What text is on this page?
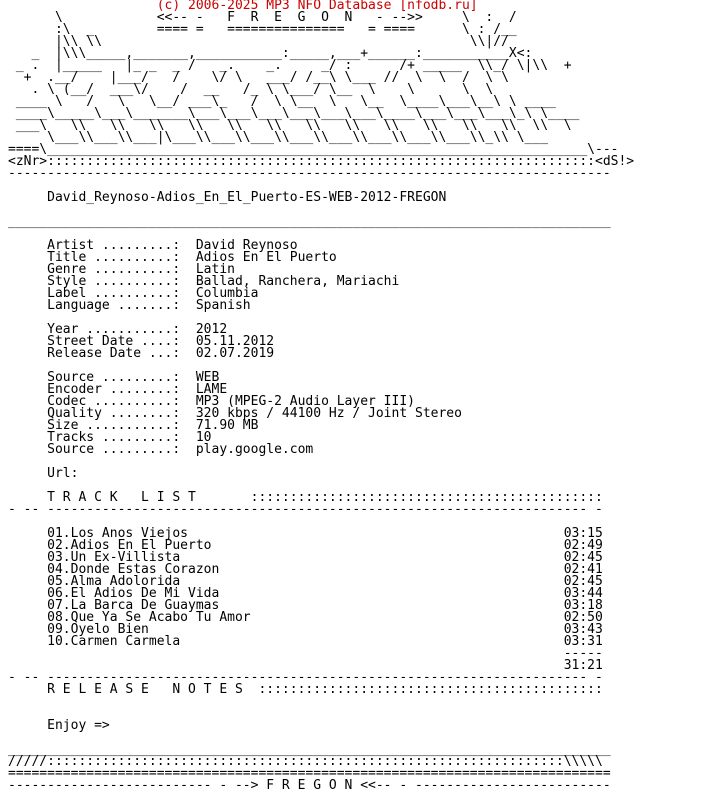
(c) 2006-2025 MP3 NFO Database [nfodb.ru]
\            <<-- -   F  R  E  G  O  N   - -->>     \  :  /
:\  _        ==== =   ===============   = ====      \ : /__
|\\ \\                                               \\|//
_  |\\\_____,_______,___________:_____,___+______:___________X<:
_ .  |_____   |_ _  _ /   _.    _.     _/ :      /+ _____  \\_/ \|\\  +
+  .__/    |___/   /    \/ \   ___/ /__\ \___ //  \  \  /  \ \
. \ (__/  ___\/    /  __   /_ \ \___/ \__  \    \      \  \
____ \   /   \   \__/ ___\_   /  \ \__  \   \__  \____\___\__\ \ ____
____\_____\___\_______\___\___\___\___\___\___\____\___\___\___\_\ \____
___\   \\   \\   \\   \\   \\   \\   \\   \\   \\   \\   \\   \\  \\  \
\___\\___\\___|\___\\___\\___\\___\\___\\___\\___\\___\\_\\ \___
====\_____________________________________________________________________\---
<zNr>::::::::::::::::::::::::::::::::::::::::::::::::::::::::::::::::::::::<dS!>
-----------------------------------------------------------------------------
David_Reynoso-Adios_En_El_Puerto-ES-WEB-2012-FREGON
_____________________________________________________________________________
Artist .........:  David Reynoso
Title ..........:  Adios En El Puerto
Genre ..........:  Latin
Style ..........:  Ballad, Ranchera, Mariachi
Label ..........:  Columbia
Language .......:  Spanish
Year ...........:  2012
Street Date ....:  05.11.2012
Release Date ...:  02.07.2019
Source .........:  WEB
Encoder ........:  LAME
Codec ..........:  MP3 (MPEG-2 Audio Layer III)
Quality ........:  320 kbps / 44100 Hz / Joint Stereo
Size ...........:  71.90 MB
Tracks .........:  10
Source .........:  play.google.com
Url:
T R A C K   L I S T       :::::::::::::::::::::::::::::::::::::::::::::
- -- --------------------------------------------------------------------- -
01.Los Anos Viejos                                                03:15
02.Adios En El Puerto                                             02:49
03.Un Ex-Villista                                                 02:45
04.Donde Estas Corazon                                            02:41
05.Alma Adolorida                                                 02:45
06.El Adios De Mi Vida                                            03:44
07.La Barca De Guaymas                                            03:18
08.Que Ya Se Acabo Tu Amor                                        02:50
09.Oyelo Bien                                                     03:43
10.Carmen Carmela                                                 03:31
-----
31:21
- -- --------------------------------------------------------------------- -
R E L E A S E   N O T E S  ::::::::::::::::::::::::::::::::::::::::::::
Enjoy =>
_____________________________________________________________________________
/////::::::::::::::::::::::::::::::::::::::::::::::::::::::::::::::::::\\\\\
=============================================================================
-------------------------- - --> F R E G O N <<-- - -------------------------
